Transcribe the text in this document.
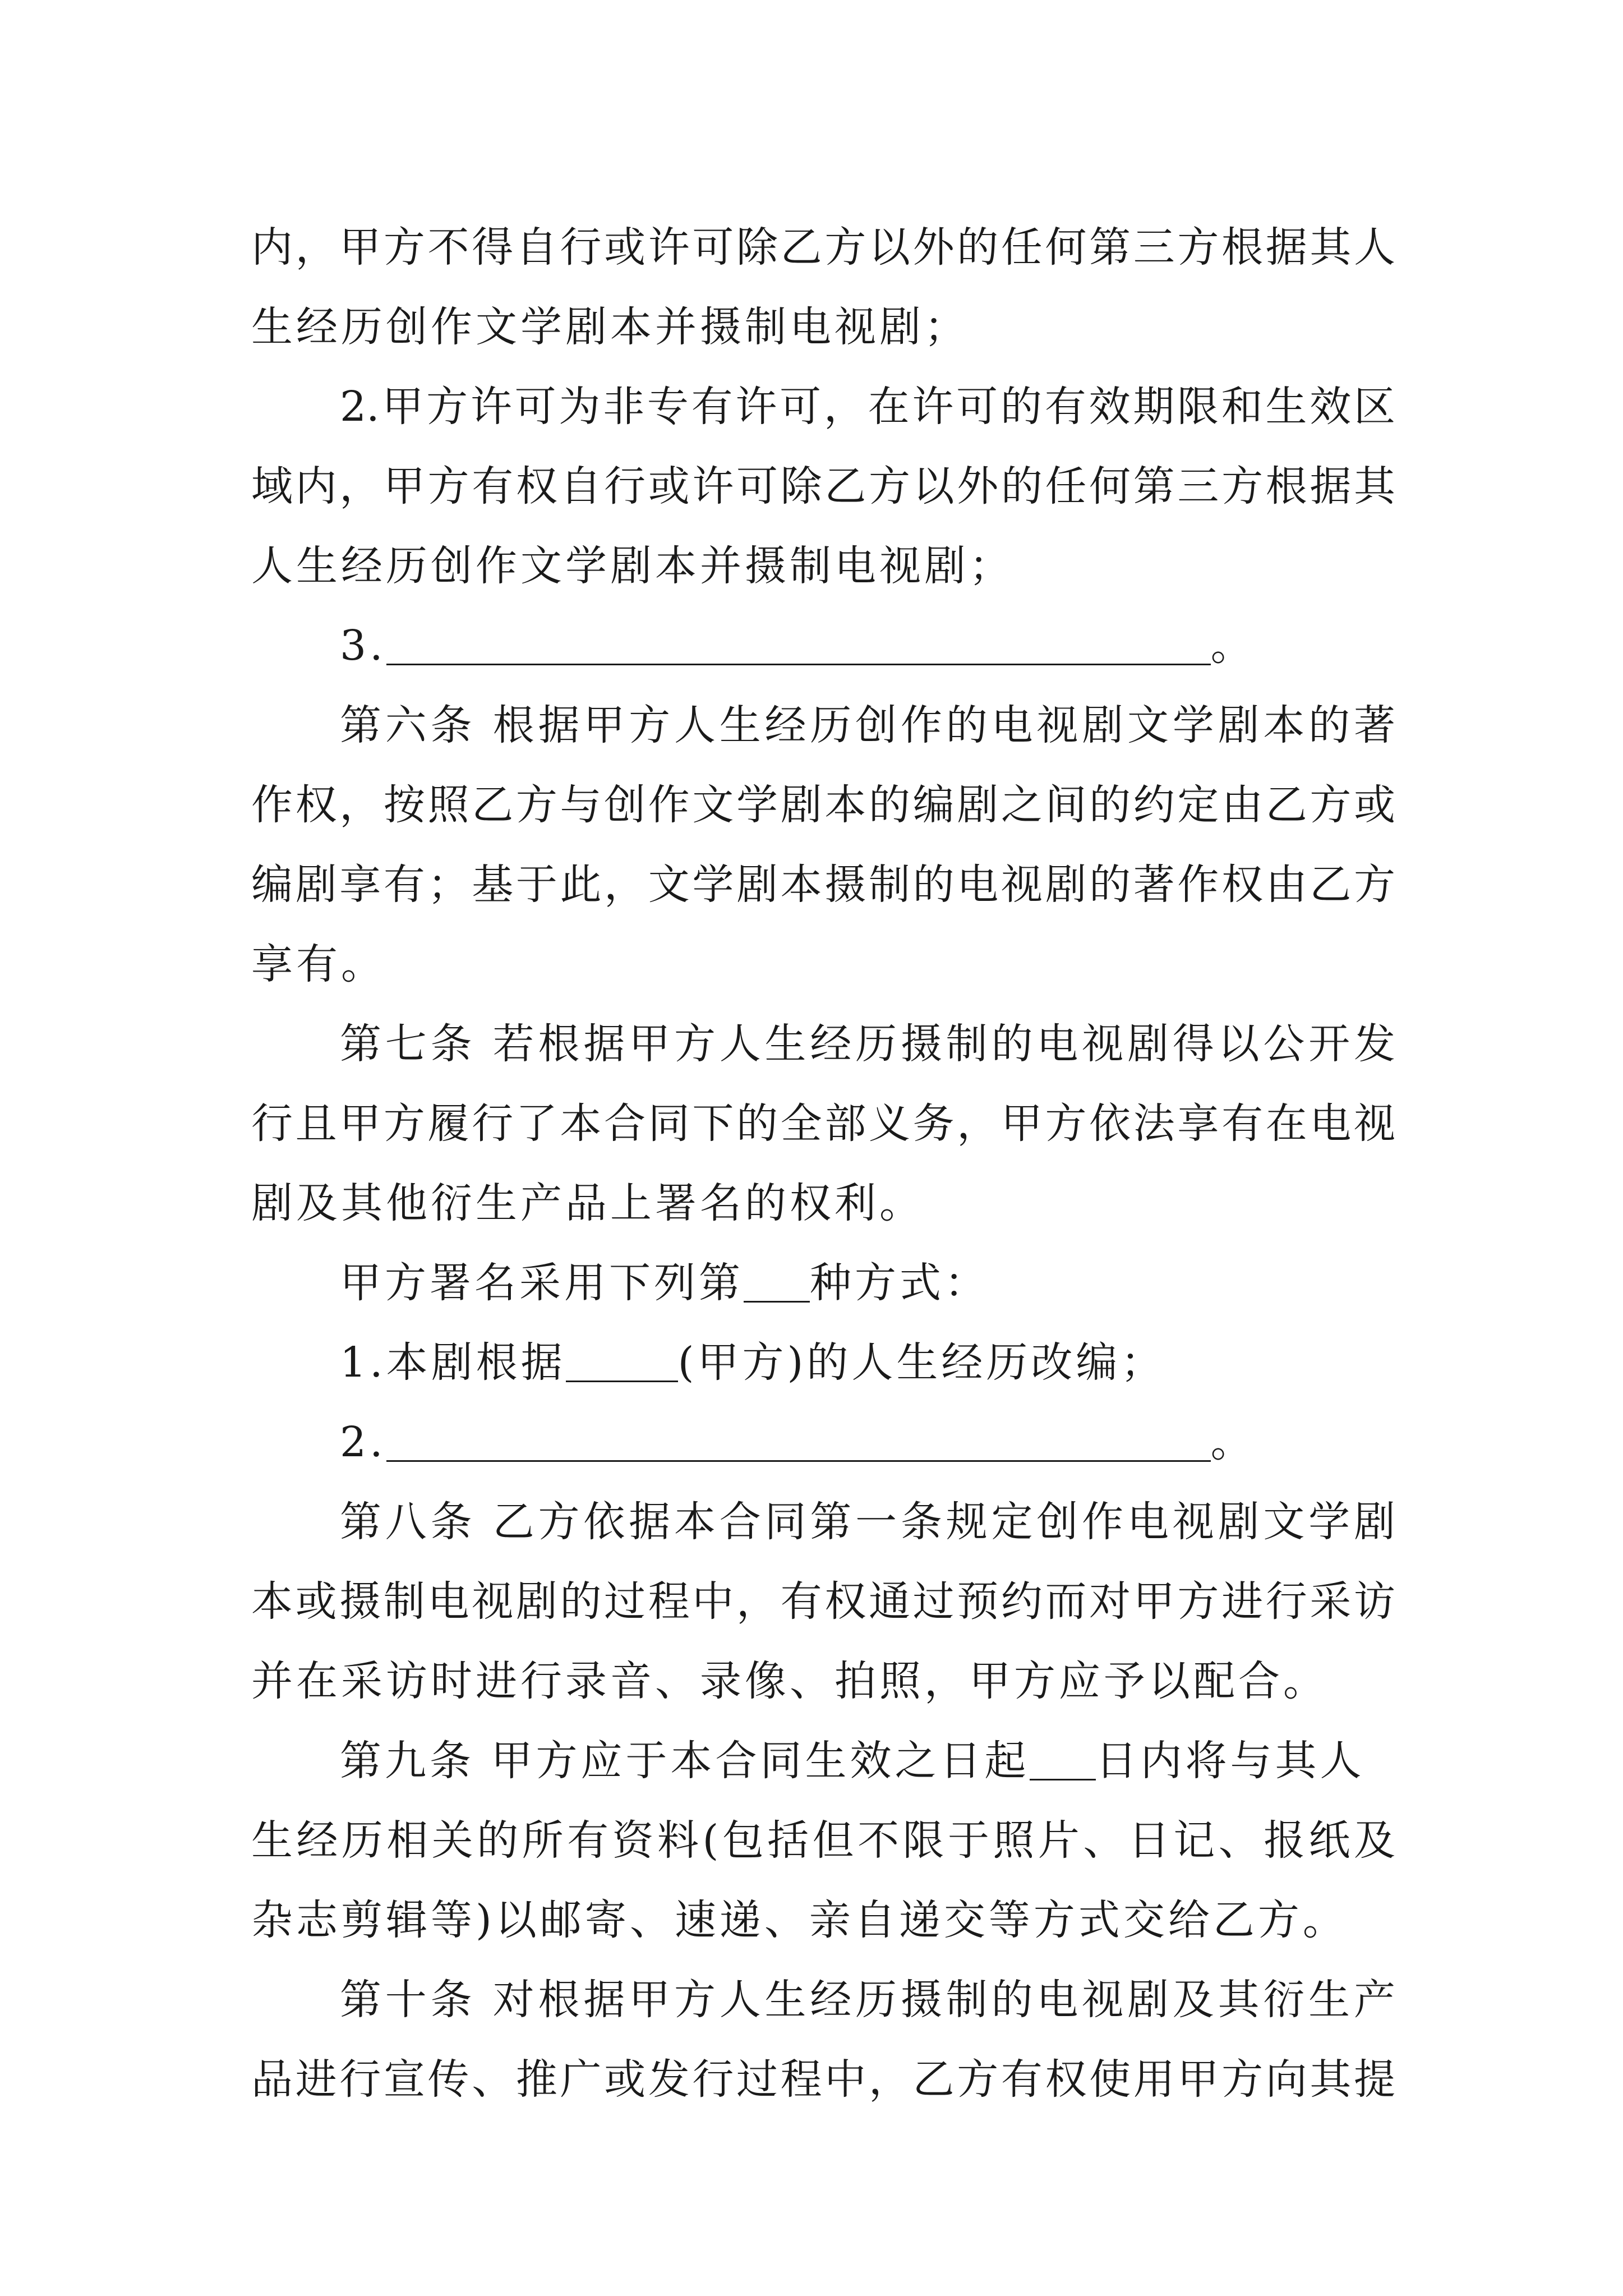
内，甲方不得自行或许可除乙方以外的任何第三方根据其人
生经历创作文学剧本并摄制电视剧；
2.甲方许可为非专有许可，在许可的有效期限和生效区
域内，甲方有权自行或许可除乙方以外的任何第三方根据其
人生经历创作文学剧本并摄制电视剧；
3.	。
第六条 根据甲方人生经历创作的电视剧文学剧本的著
作权，按照乙方与创作文学剧本的编剧之间的约定由乙方或
编剧享有；基于此，文学剧本摄制的电视剧的著作权由乙方
享有。
第七条 若根据甲方人生经历摄制的电视剧得以公开发
行且甲方履行了本合同下的全部义务，甲方依法享有在电视
剧及其他衍生产品上署名的权利。
甲方署名采用下列第 种方式：
1.本剧根据	(甲方)的人生经历改编；
2.	。
第八条 乙方依据本合同第一条规定创作电视剧文学剧
本或摄制电视剧的过程中，有权通过预约而对甲方进行采访
并在采访时进行录音、录像、拍照，甲方应予以配合。
第九条 甲方应于本合同生效之日起 日内将与其人
生经历相关的所有资料(包括但不限于照片、日记、报纸及
杂志剪辑等)以邮寄、速递、亲自递交等方式交给乙方。
第十条 对根据甲方人生经历摄制的电视剧及其衍生产
品进行宣传、推广或发行过程中，乙方有权使用甲方向其提
